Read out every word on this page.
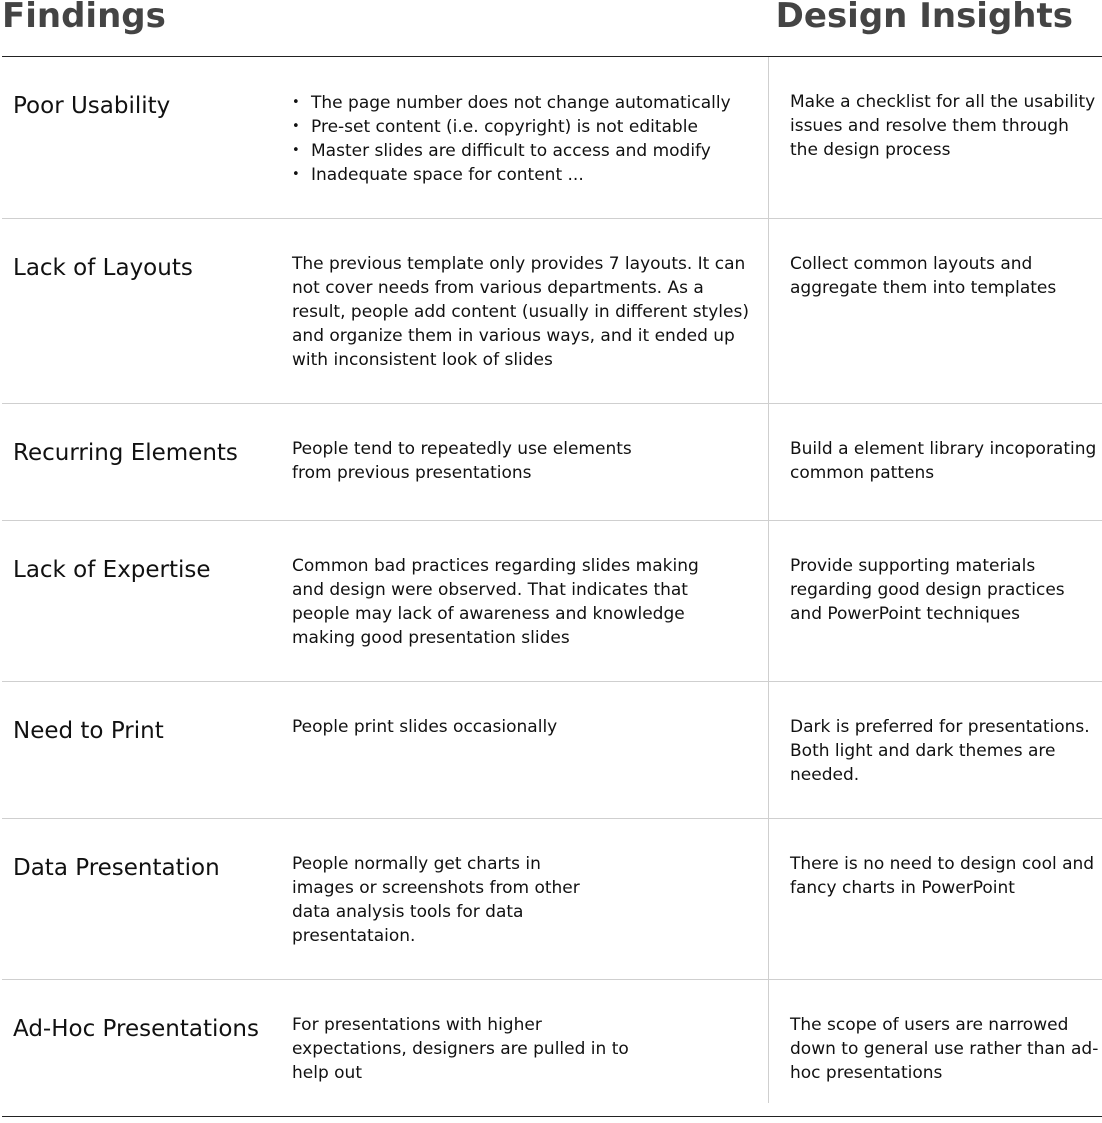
Findings	Design Insights
Poor Usability
•	The page number does not change automatically
• Pre-set content (i.e. copyright) is not editable
• Master slides are difficult to access and modify
• Inadequate space for content ...
Make a checklist for all the usability issues and resolve them through the design process
Lack of Layouts	The previous template only provides 7 layouts. It can not cover needs from various departments. As a result, people add content (usually in different styles) and organize them in various ways, and it ended up with inconsistent look of slides
Collect common layouts and aggregate them into templates
Recurring Elements	People tend to repeatedly use elements from previous presentations
Build a element library incoporating common pattens
Lack of Expertise	Common bad practices regarding slides making and design were observed. That indicates that people may lack of awareness and knowledge making good presentation slides
Provide supporting materials regarding good design practices and PowerPoint techniques
Need to Print	People print slides occasionally	Dark is preferred for presentations. Both light and dark themes are needed.
Data Presentation	People normally get charts in images or screenshots from other data analysis tools for data presentataion.
There is no need to design cool and fancy charts in PowerPoint
Ad-Hoc Presentations For presentations with higher expectations, designers are pulled in to help out
The scope of users are narrowed down to general use rather than ad-hoc presentations
